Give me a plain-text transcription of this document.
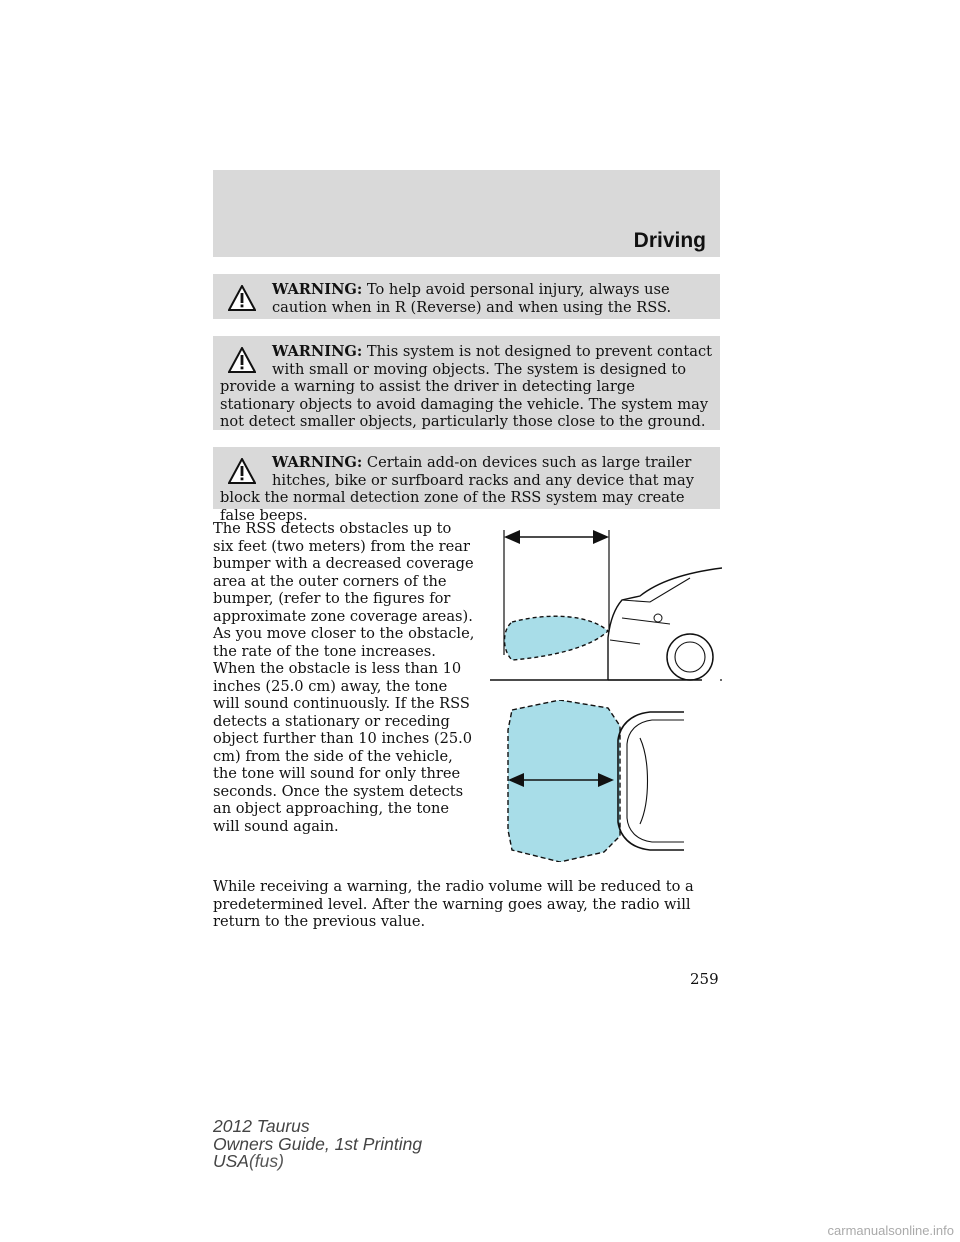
Driving
WARNING: To help avoid personal injury, always use caution when in R (Reverse) and when using the RSS.
WARNING: This system is not designed to prevent contact with small or moving objects. The system is designed to provide a warning to assist the driver in detecting large stationary objects to avoid damaging the vehicle. The system may not detect smaller objects, particularly those close to the ground.
WARNING: Certain add-on devices such as large trailer hitches, bike or surfboard racks and any device that may block the normal detection zone of the RSS system may create false beeps.

The RSS detects obstacles up to six feet (two meters) from the rear bumper with a decreased coverage area at the outer corners of the bumper, (refer to the figures for approximate zone coverage areas). As you move closer to the obstacle, the rate of the tone increases. When the obstacle is less than 10 inches (25.0 cm) away, the tone will sound continuously. If the RSS detects a stationary or receding object further than 10 inches (25.0 cm) from the side of the vehicle, the tone will sound for only three seconds. Once the system detects an object approaching, the tone will sound again.

While receiving a warning, the radio volume will be reduced to a predetermined level. After the warning goes away, the radio will return to the previous value.

259
2012 Taurus
Owners Guide, 1st Printing
USA(fus)
carmanualsonline.info
